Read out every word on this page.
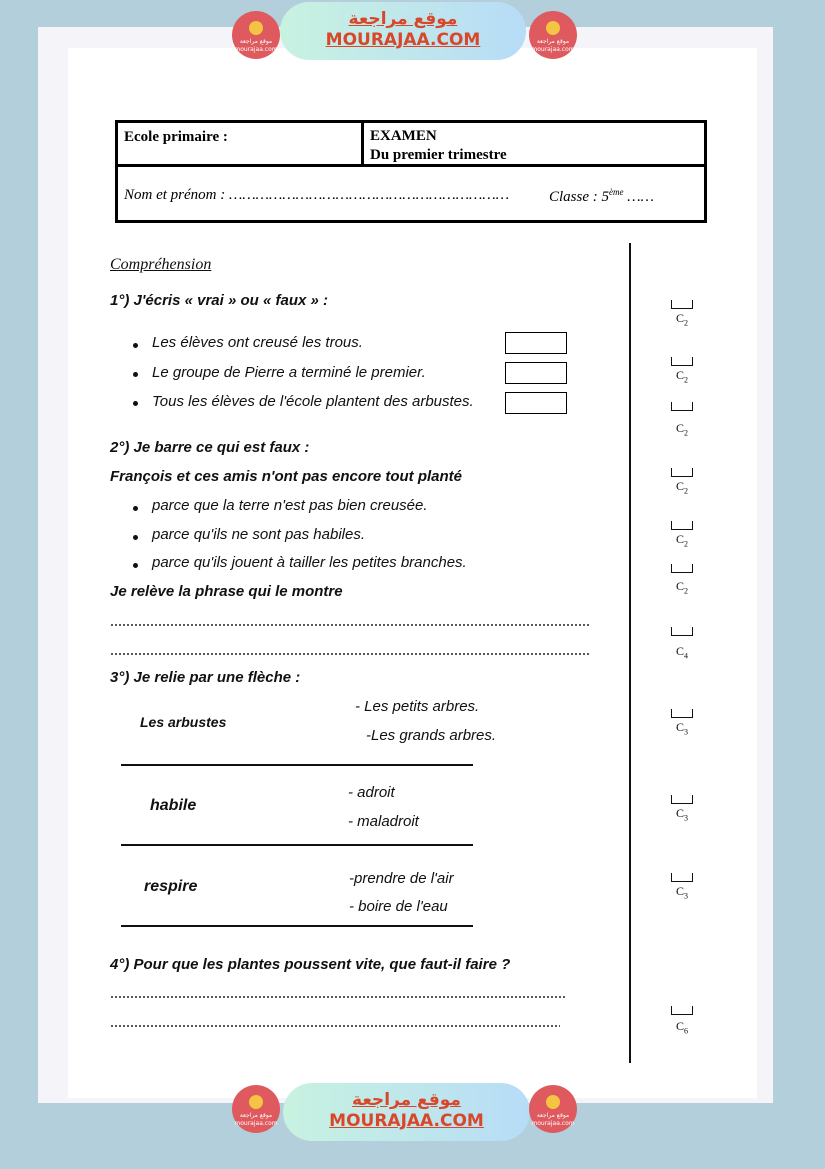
موقع مراجعة
mourajaa.com
موقع مراجعة
MOURAJAA.COM	موقع مراجعة
mourajaa.com
Ecole primaire :	EXAMEN
Du premier trimestre
Nom et prénom : ………………………………………………………	Classe : 5ème ……
Compréhension
1°) J'écris « vrai » ou « faux » :
Les élèves ont creusé les trous.
Le groupe de Pierre a terminé le premier.
Tous les élèves de l'école plantent des arbustes.
2°) Je barre ce qui est faux :
François et ces amis n'ont pas encore tout planté
parce que la terre n'est pas bien creusée.
parce qu'ils ne sont pas habiles.
parce qu'ils jouent à tailler les petites branches.
Je relève la phrase qui le montre
3°) Je relie par une flèche :
Les arbustes
- Les petits arbres.
-Les grands arbres.
habile
- adroit
- maladroit
respire	-prendre de l'air
- boire de l'eau
4°) Pour que les plantes poussent vite, que faut-il faire ?
$C_2$
$C_2$
$C_2$
$C_2$
$C_2$
$C_2$
$C_4$
$C_3$
$C_3$
$C_3$
$C_6$
موقع مراجعة
mourajaa.com
موقع مراجعة
MOURAJAA.COM	موقع مراجعة
mourajaa.com
